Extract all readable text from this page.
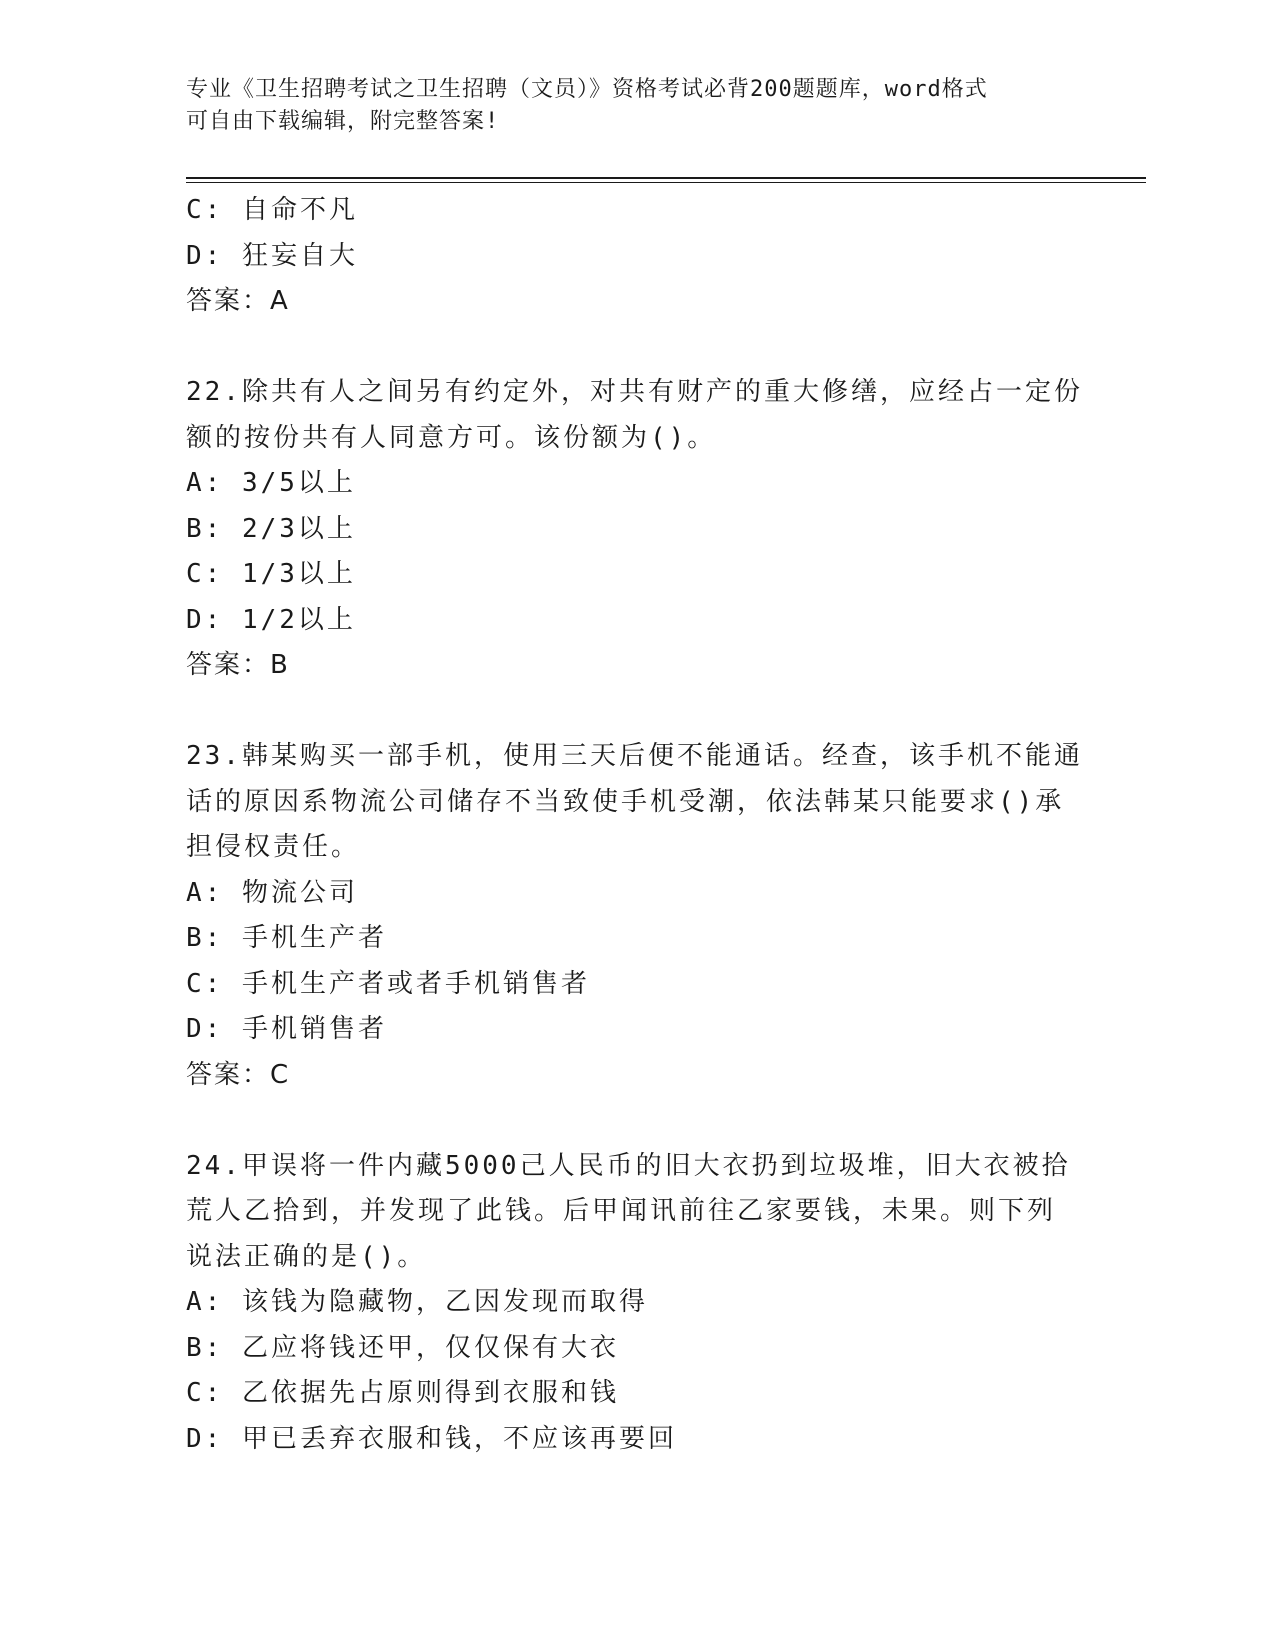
专业《卫生招聘考试之卫生招聘（文员）》资格考试必背200题题库，word格式
可自由下载编辑，附完整答案!
C: 自命不凡
D: 狂妄自大
答案：A
22.除共有人之间另有约定外，对共有财产的重大修缮，应经占一定份
额的按份共有人同意方可。该份额为()。
A: 3/5以上
B: 2/3以上
C: 1/3以上
D: 1/2以上
答案：B
23.韩某购买一部手机，使用三天后便不能通话。经查，该手机不能通
话的原因系物流公司储存不当致使手机受潮，依法韩某只能要求()承
担侵权责任。
A: 物流公司
B: 手机生产者
C: 手机生产者或者手机销售者
D: 手机销售者
答案：C
24.甲误将一件内藏5000己人民币的旧大衣扔到垃圾堆，旧大衣被拾
荒人乙拾到，并发现了此钱。后甲闻讯前往乙家要钱，未果。则下列
说法正确的是()。
A: 该钱为隐藏物，乙因发现而取得
B: 乙应将钱还甲，仅仅保有大衣
C: 乙依据先占原则得到衣服和钱
D: 甲已丢弃衣服和钱，不应该再要回
